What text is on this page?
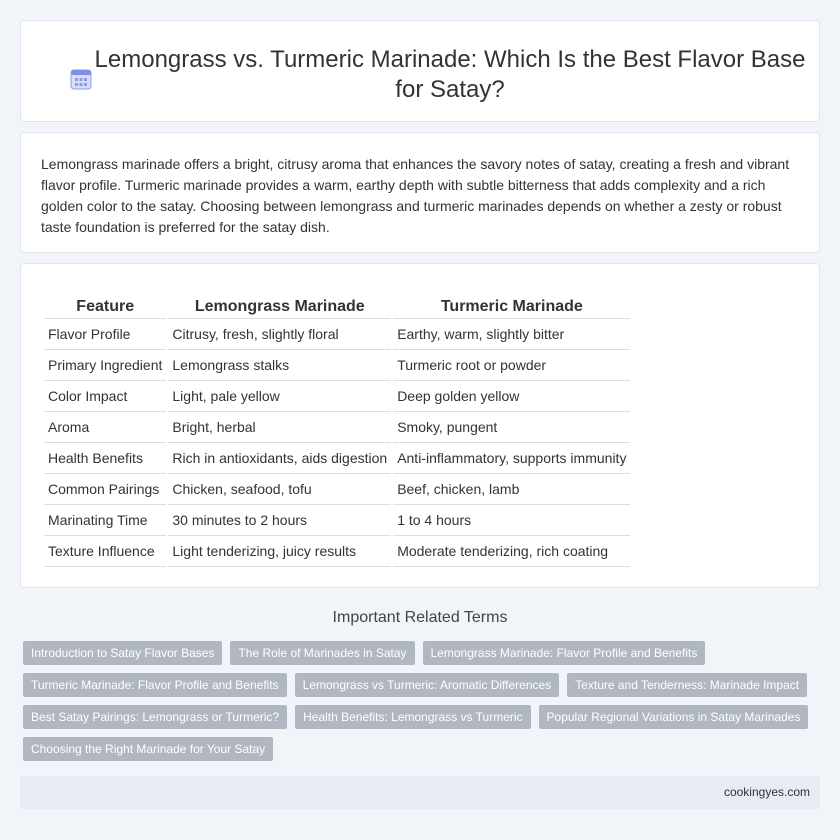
Lemongrass vs. Turmeric Marinade: Which Is the Best Flavor Base for Satay?

Lemongrass marinade offers a bright, citrusy aroma that enhances the savory notes of satay, creating a fresh and vibrant flavor profile. Turmeric marinade provides a warm, earthy depth with subtle bitterness that adds complexity and a rich golden color to the satay. Choosing between lemongrass and turmeric marinades depends on whether a zesty or robust taste foundation is preferred for the satay dish.

Feature	Lemongrass Marinade	Turmeric Marinade
Flavor Profile	Citrusy, fresh, slightly floral	Earthy, warm, slightly bitter
Primary Ingredient	Lemongrass stalks	Turmeric root or powder
Color Impact	Light, pale yellow	Deep golden yellow
Aroma	Bright, herbal	Smoky, pungent
Health Benefits	Rich in antioxidants, aids digestion	Anti-inflammatory, supports immunity
Common Pairings	Chicken, seafood, tofu	Beef, chicken, lamb
Marinating Time	30 minutes to 2 hours	1 to 4 hours
Texture Influence	Light tenderizing, juicy results	Moderate tenderizing, rich coating
Important Related Terms
Introduction to Satay Flavor Bases	The Role of Marinades in Satay	Lemongrass Marinade: Flavor Profile and Benefits
Turmeric Marinade: Flavor Profile and Benefits	Lemongrass vs Turmeric: Aromatic Differences	Texture and Tenderness: Marinade Impact
Best Satay Pairings: Lemongrass or Turmeric?	Health Benefits: Lemongrass vs Turmeric	Popular Regional Variations in Satay Marinades
Choosing the Right Marinade for Your Satay
cookingyes.com
